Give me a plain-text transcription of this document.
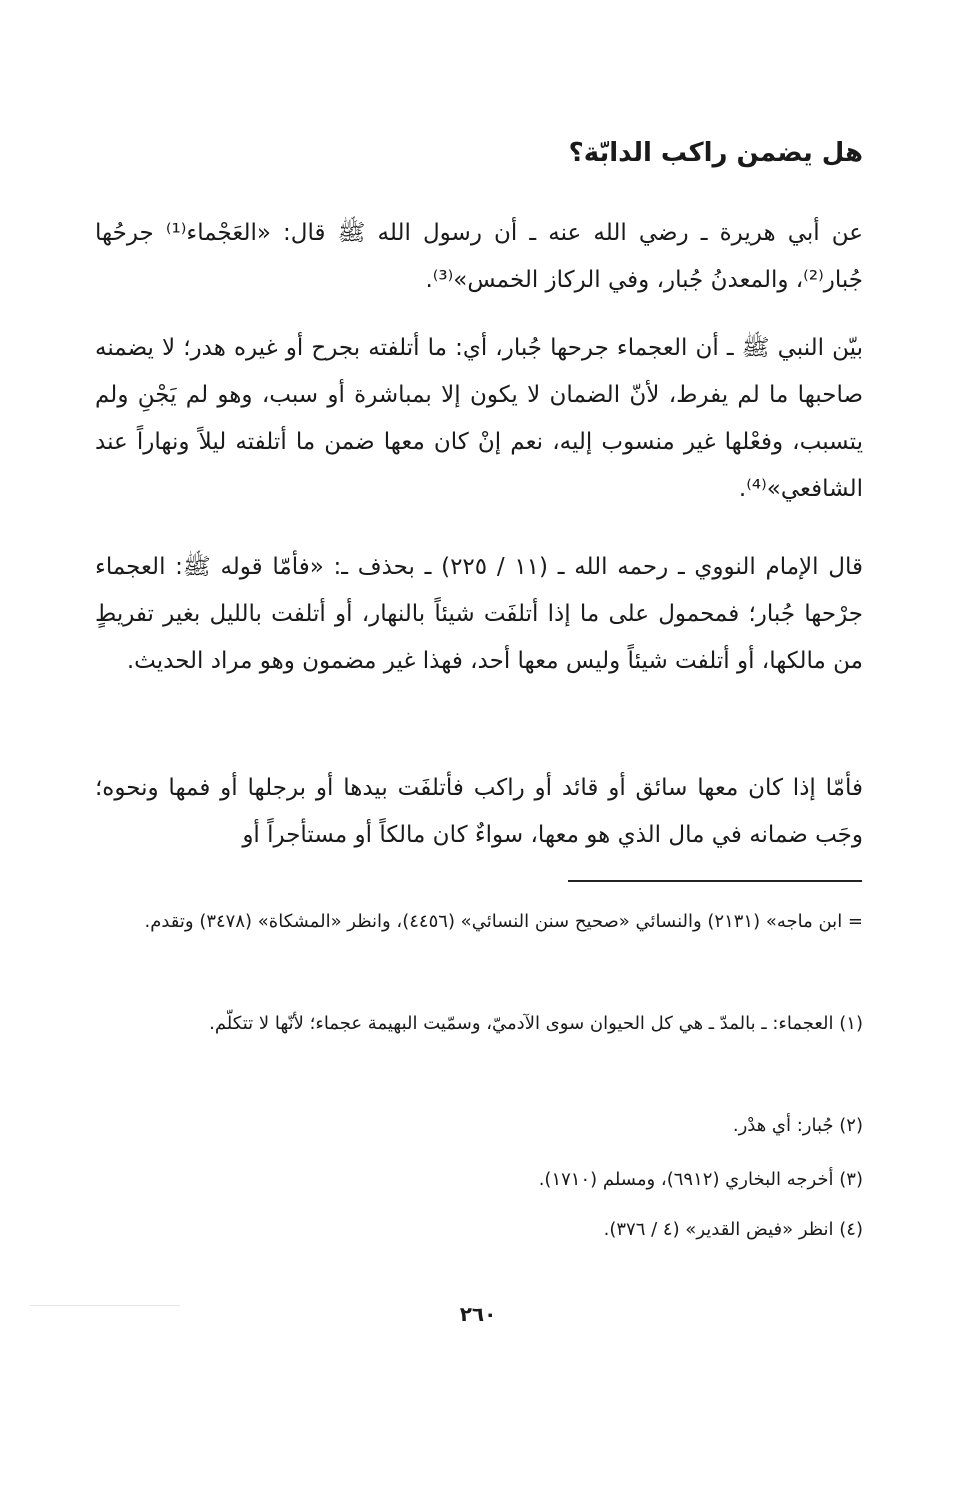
هل يضمن راكب الدابّة؟

عن أبي هريرة ـ رضي الله عنه ـ أن رسول الله ﷺ قال: «العَجْماء⁽¹⁾ جرحُها جُبار⁽²⁾، والمعدنُ جُبار، وفي الركاز الخمس»⁽³⁾.

بيّن النبي ﷺ ـ أن العجماء جرحها جُبار، أي: ما أتلفته بجرح أو غيره هدر؛ لا يضمنه صاحبها ما لم يفرط، لأنّ الضمان لا يكون إلا بمباشرة أو سبب، وهو لم يَجْنِ ولم يتسبب، وفعْلها غير منسوب إليه، نعم إنْ كان معها ضمن ما أتلفته ليلاً ونهاراً عند الشافعي»⁽⁴⁾.

قال الإمام النووي ـ رحمه الله ـ (١١ / ٢٢٥) ـ بحذف ـ: «فأمّا قوله ﷺ: العجماء جرْحها جُبار؛ فمحمول على ما إذا أتلفَت شيئاً بالنهار، أو أتلفت بالليل بغير تفريطٍ من مالكها، أو أتلفت شيئاً وليس معها أحد، فهذا غير مضمون وهو مراد الحديث.

فأمّا إذا كان معها سائق أو قائد أو راكب فأتلفَت بيدها أو برجلها أو فمها ونحوه؛ وجَب ضمانه في مال الذي هو معها، سواءٌ كان مالكاً أو مستأجراً أو

= ابن ماجه» (٢١٣١) والنسائي «صحيح سنن النسائي» (٤٤٥٦)، وانظر «المشكاة» (٣٤٧٨) وتقدم.

(١) العجماء: ـ بالمدّ ـ هي كل الحيوان سوى الآدميّ، وسمّيت البهيمة عجماء؛ لأنّها لا تتكلّم.

(٢) جُبار: أي هدْر.

(٣) أخرجه البخاري (٦٩١٢)، ومسلم (١٧١٠).

(٤) انظر «فيض القدير» (٤ / ٣٧٦).

٢٦٠
